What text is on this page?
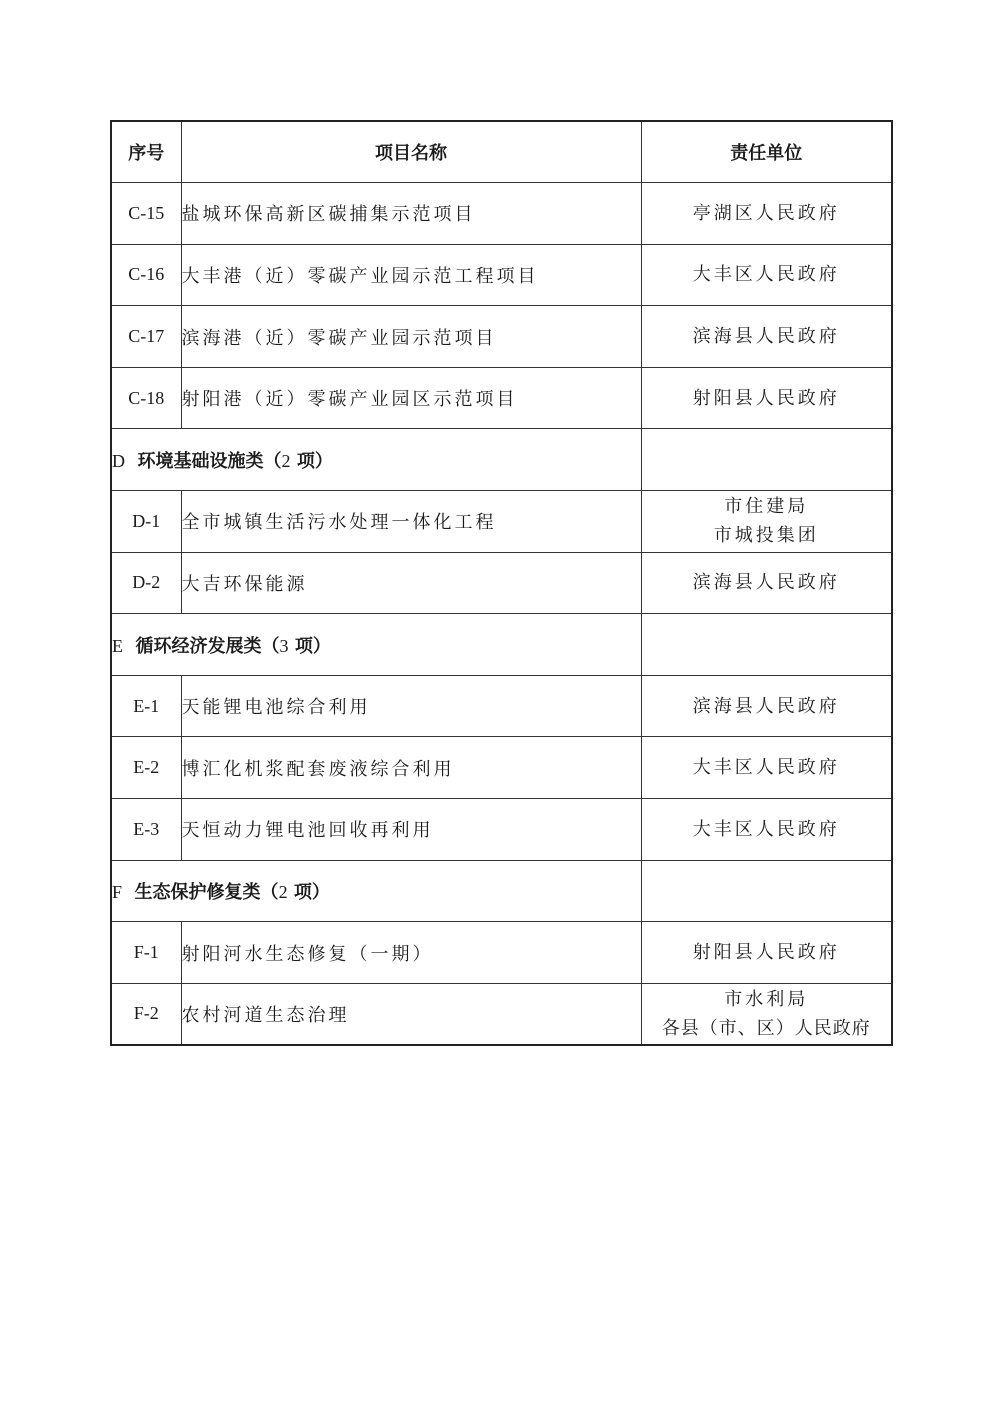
序号	项目名称	责任单位
C-15	盐城环保高新区碳捕集示范项目	亭湖区人民政府
C-16	大丰港（近）零碳产业园示范工程项目	大丰区人民政府
C-17	滨海港（近）零碳产业园示范项目	滨海县人民政府
C-18	射阳港（近）零碳产业园区示范项目	射阳县人民政府
D 环境基础设施类（2 项）		
D-1	全市城镇生活污水处理一体化工程	市住建局
市城投集团

D-2	大吉环保能源	滨海县人民政府
E 循环经济发展类（3 项）		
E-1	天能锂电池综合利用	滨海县人民政府
E-2	博汇化机浆配套废液综合利用	大丰区人民政府
E-3	天恒动力锂电池回收再利用	大丰区人民政府
F 生态保护修复类（2 项）		
F-1	射阳河水生态修复（一期）	射阳县人民政府
F-2	农村河道生态治理	市水利局
各县（市、区）人民政府
